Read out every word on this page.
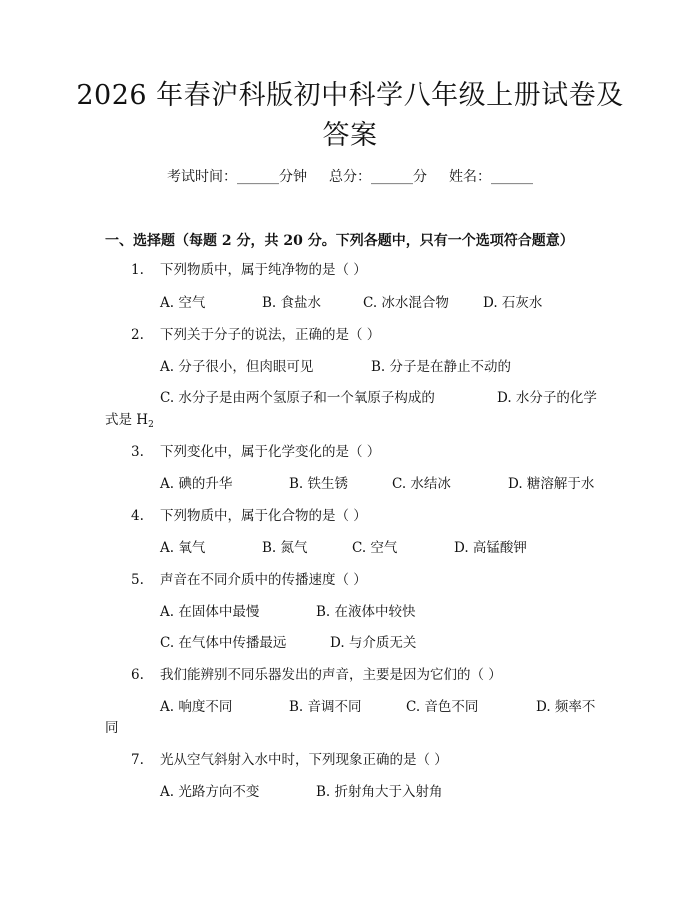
2026 年春沪科版初中科学八年级上册试卷及
答案
考试时间：______分钟 总分：______分 姓名：______
一、选择题（每题 2 分，共 20 分。下列各题中，只有一个选项符合题意）
1. 下列物质中，属于纯净物的是（ ）
A. 空气	B. 食盐水	C. 冰水混合物	D. 石灰水
2. 下列关于分子的说法，正确的是（ ）
A. 分子很小，但肉眼可见	B. 分子是在静止不动的
C. 水分子是由两个氢原子和一个氧原子构成的	D. 水分子的化学
式是 $H_2$
3. 下列变化中，属于化学变化的是（ ）
A. 碘的升华	B. 铁生锈	C. 水结冰	D. 糖溶解于水
4. 下列物质中，属于化合物的是（ ）
A. 氧气	B. 氮气	C. 空气	D. 高锰酸钾
5. 声音在不同介质中的传播速度（ ）
A. 在固体中最慢	B. 在液体中较快
C. 在气体中传播最远	D. 与介质无关
6. 我们能辨别不同乐器发出的声音，主要是因为它们的（ ）
A. 响度不同	B. 音调不同	C. 音色不同	D. 频率不
同
7. 光从空气斜射入水中时，下列现象正确的是（ ）
A. 光路方向不变	B. 折射角大于入射角
